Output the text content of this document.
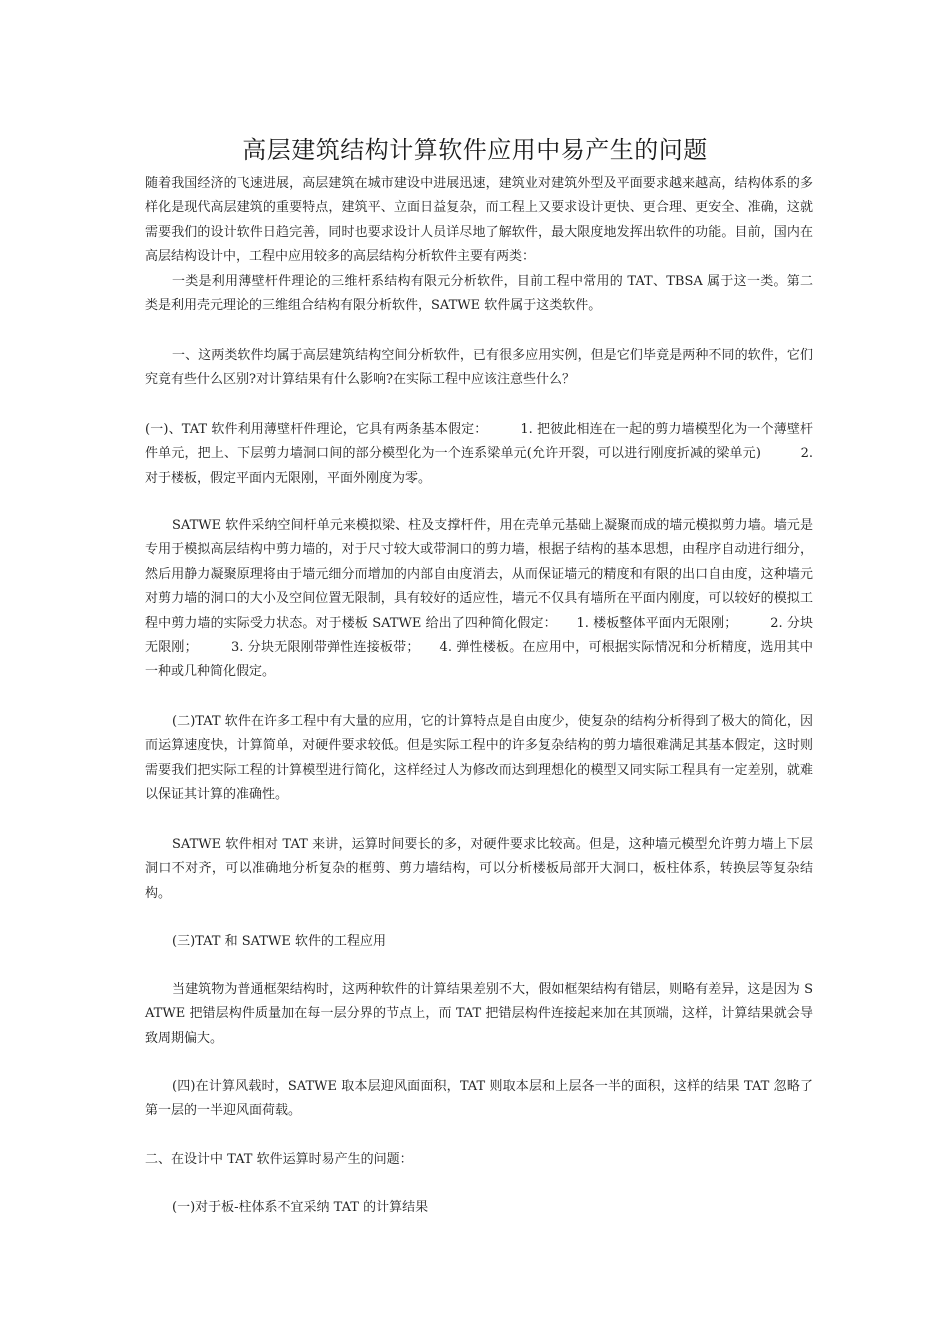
高层建筑结构计算软件应用中易产生的问题

随着我国经济的飞速进展，高层建筑在城市建设中进展迅速，建筑业对建筑外型及平面要求越来越高，结构体系的多样化是现代高层建筑的重要特点，建筑平、立面日益复杂，而工程上又要求设计更快、更合理、更安全、准确，这就需要我们的设计软件日趋完善，同时也要求设计人员详尽地了解软件，最大限度地发挥出软件的功能。目前，国内在高层结构设计中，工程中应用较多的高层结构分析软件主要有两类：

一类是利用薄壁杆件理论的三维杆系结构有限元分析软件，目前工程中常用的 TAT、TBSA 属于这一类。第二类是利用壳元理论的三维组合结构有限分析软件，SATWE 软件属于这类软件。

一、这两类软件均属于高层建筑结构空间分析软件，已有很多应用实例，但是它们毕竟是两种不同的软件，它们究竟有些什么区别?对计算结果有什么影响?在实际工程中应该注意些什么？

(一)、TAT 软件利用薄壁杆件理论，它具有两条基本假定：　　　1. 把彼此相连在一起的剪力墙模型化为一个薄壁杆件单元，把上、下层剪力墙洞口间的部分模型化为一个连系梁单元(允许开裂，可以进行刚度折减的梁单元)　　　2. 对于楼板，假定平面内无限刚，平面外刚度为零。

SATWE 软件采纳空间杆单元来模拟梁、柱及支撑杆件，用在壳单元基础上凝聚而成的墙元模拟剪力墙。墙元是专用于模拟高层结构中剪力墙的，对于尺寸较大或带洞口的剪力墙，根据子结构的基本思想，由程序自动进行细分，然后用静力凝聚原理将由于墙元细分而增加的内部自由度消去，从而保证墙元的精度和有限的出口自由度，这种墙元对剪力墙的洞口的大小及空间位置无限制，具有较好的适应性，墙元不仅具有墙所在平面内刚度，可以较好的模拟工程中剪力墙的实际受力状态。对于楼板 SATWE 给出了四种简化假定：　　1. 楼板整体平面内无限刚；　　　2. 分块无限刚；　　　3. 分块无限刚带弹性连接板带；　　4. 弹性楼板。在应用中，可根据实际情况和分析精度，选用其中一种或几种简化假定。

(二)TAT 软件在许多工程中有大量的应用，它的计算特点是自由度少，使复杂的结构分析得到了极大的简化，因而运算速度快，计算简单，对硬件要求较低。但是实际工程中的许多复杂结构的剪力墙很难满足其基本假定，这时则需要我们把实际工程的计算模型进行简化，这样经过人为修改而达到理想化的模型又同实际工程具有一定差别，就难以保证其计算的准确性。

SATWE 软件相对 TAT 来讲，运算时间要长的多，对硬件要求比较高。但是，这种墙元模型允许剪力墙上下层洞口不对齐，可以准确地分析复杂的框剪、剪力墙结构，可以分析楼板局部开大洞口，板柱体系，转换层等复杂结构。

(三)TAT 和 SATWE 软件的工程应用

当建筑物为普通框架结构时，这两种软件的计算结果差别不大，假如框架结构有错层，则略有差异，这是因为 SATWE 把错层构件质量加在每一层分界的节点上，而 TAT 把错层构件连接起来加在其顶端，这样，计算结果就会导致周期偏大。

(四)在计算风载时，SATWE 取本层迎风面面积，TAT 则取本层和上层各一半的面积，这样的结果 TAT 忽略了第一层的一半迎风面荷载。

二、在设计中 TAT 软件运算时易产生的问题：

(一)对于板-柱体系不宜采纳 TAT 的计算结果
